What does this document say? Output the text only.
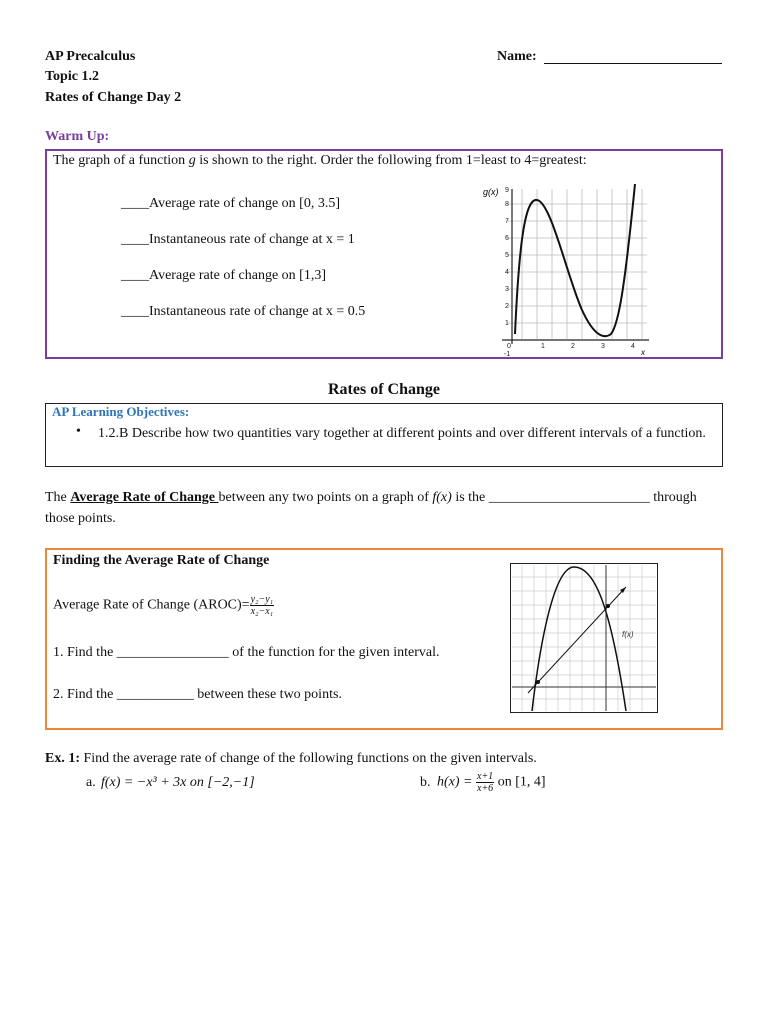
AP Precalculus
Topic 1.2
Rates of Change Day 2
Name:
Warm Up:
The graph of a function g is shown to the right. Order the following from 1=least to 4=greatest:
____Average rate of change on [0, 3.5]
____Instantaneous rate of change at x = 1
____Average rate of change on [1,3]
____Instantaneous rate of change at x = 0.5
g(x)
x
1
2
3
4
5
6
7
8
9
1	2	3	4
0
-1
Rates of Change
AP Learning Objectives:
• 1.2.B Describe how two quantities vary together at different points and over different intervals of a function.
The Average Rate of Change between any two points on a graph of f(x) is the _______________________ through those points.
Finding the Average Rate of Change
Average Rate of Change (AROC)= $\frac{\text{y₂−y₁}}{\text{x₂−x₁}}$
1. Find the ________________ of the function for the given interval.
2. Find the ___________ between these two points.
f(x)
Ex. 1: Find the average rate of change of the following functions on the given intervals.
a. f(x) = −x³ + 3x on [−2,−1]	b. $h(x) = \frac{x+1}{x+6}$ on [1, 4]
